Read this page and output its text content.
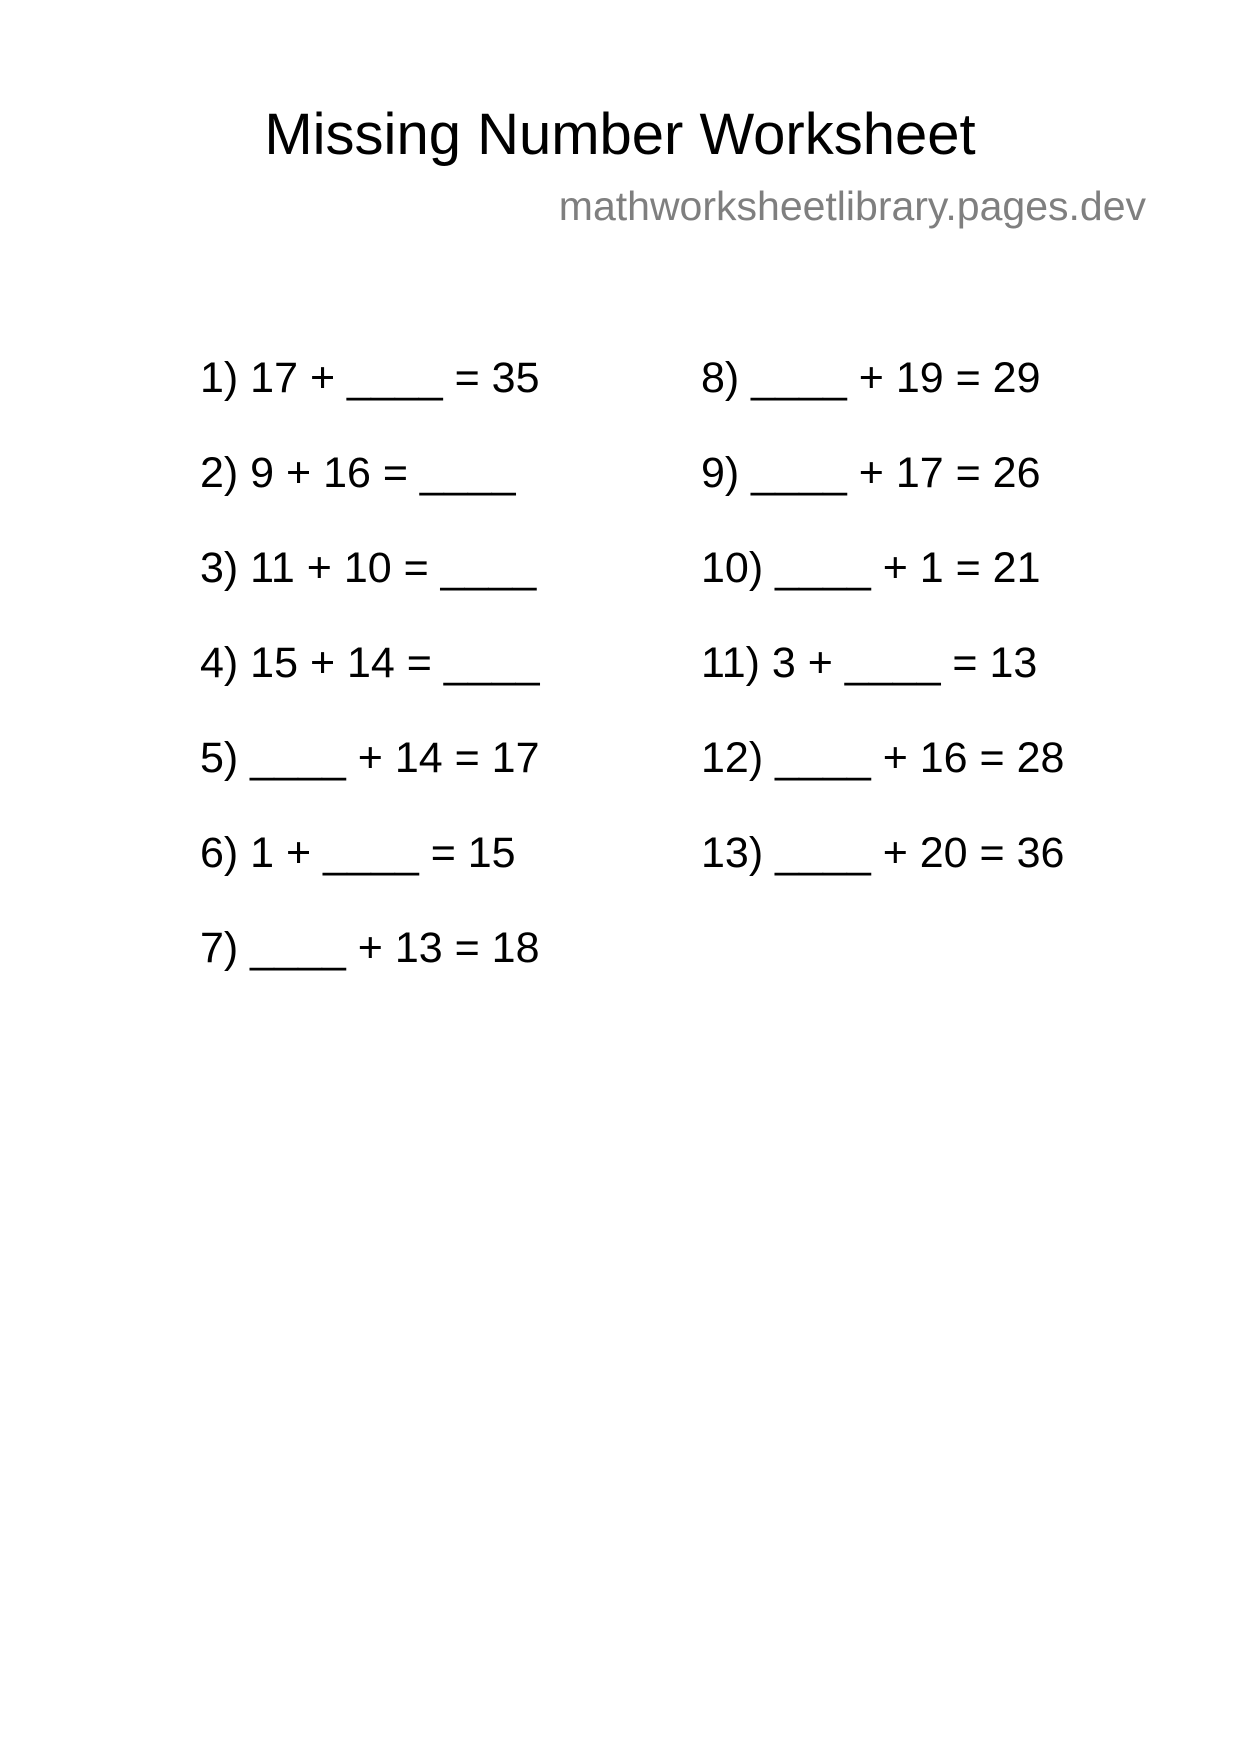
Missing Number Worksheet
mathworksheetlibrary.pages.dev
1) 17 + ____ = 35
2) 9 + 16 = ____
3) 11 + 10 = ____
4) 15 + 14 = ____
5) ____ + 14 = 17
6) 1 + ____ = 15
7) ____ + 13 = 18
8) ____ + 19 = 29
9) ____ + 17 = 26
10) ____ + 1 = 21
11) 3 + ____ = 13
12) ____ + 16 = 28
13) ____ + 20 = 36
